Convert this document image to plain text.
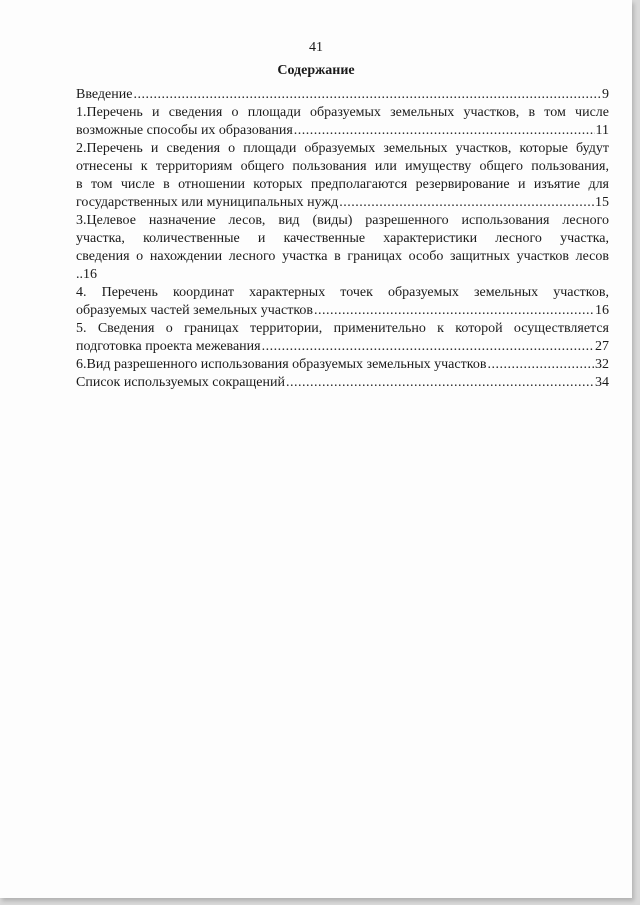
41
Содержание
Введение .....	9
1.Перечень и сведения о площади образуемых земельных участков, в том числе
возможные способы их образования .....	11
2.Перечень и сведения о площади образуемых земельных участков, которые будут
отнесены к территориям общего пользования или имуществу общего пользования,
в том числе в отношении которых предполагаются резервирование и изъятие для
государственных или муниципальных нужд .....	15
3.Целевое назначение лесов, вид (виды) разрешенного использования лесного
участка, количественные и качественные характеристики лесного участка,
сведения о нахождении лесного участка в границах особо защитных участков лесов
..16
4. Перечень координат характерных точек образуемых земельных участков,
образуемых частей земельных участков .....	16
5. Сведения о границах территории, применительно к которой осуществляется
подготовка проекта межевания .....	27
6.Вид разрешенного использования образуемых земельных участков .....	32
Список используемых сокращений .....	34
